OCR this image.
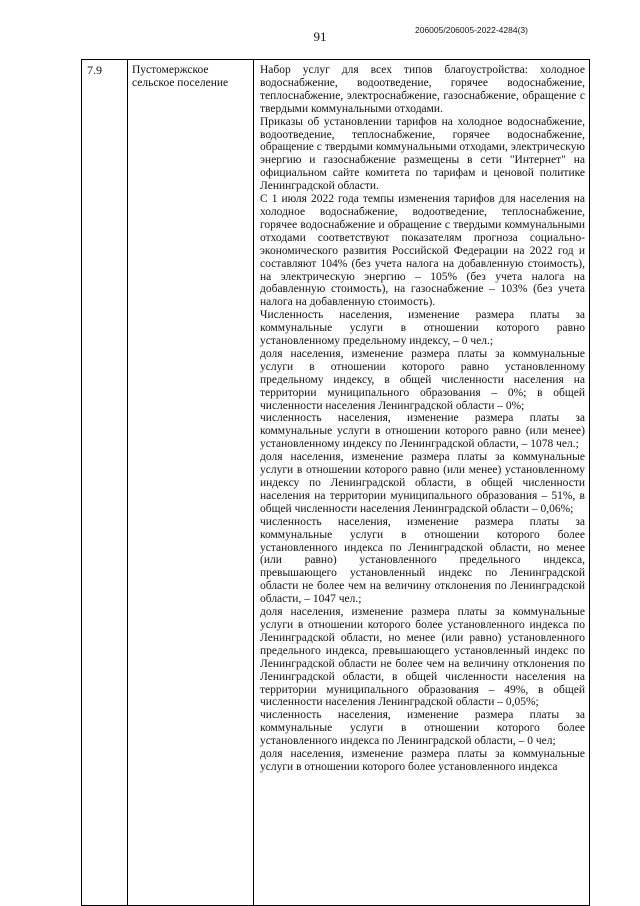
91	206005/206005-2022-4284(3)
7.9	Пустомержское сельское поселение	

Набор услуг для всех типов благоустройства: холодное водоснабжение, водоотведение, горячее водоснабжение, теплоснабжение, электроснабжение, газоснабжение, обращение с твердыми коммунальными отходами.

Приказы об установлении тарифов на холодное водоснабжение, водоотведение, теплоснабжение, горячее водоснабжение, обращение с твердыми коммунальными отходами, электрическую энергию и газоснабжение размещены в сети "Интернет" на официальном сайте комитета по тарифам и ценовой политике Ленинградской области.

С 1 июля 2022 года темпы изменения тарифов для населения на холодное водоснабжение, водоотведение, теплоснабжение, горячее водоснабжение и обращение с твердыми коммунальными отходами соответствуют показателям прогноза социально-экономического развития Российской Федерации на 2022 год и составляют 104% (без учета налога на добавленную стоимость), на электрическую энергию – 105% (без учета налога на добавленную стоимость), на газоснабжение – 103% (без учета налога на добавленную стоимость).

Численность населения, изменение размера платы за коммунальные услуги в отношении которого равно установленному предельному индексу, – 0 чел.;

доля населения, изменение размера платы за коммунальные услуги в отношении которого равно установленному предельному индексу, в общей численности населения на территории муниципального образования – 0%; в общей численности населения Ленинградской области – 0%;

численность населения, изменение размера платы за коммунальные услуги в отношении которого равно (или менее) установленному индексу по Ленинградской области, – 1078 чел.;

доля населения, изменение размера платы за коммунальные услуги в отношении которого равно (или менее) установленному индексу по Ленинградской области, в общей численности населения на территории муниципального образования – 51%, в общей численности населения Ленинградской области – 0,06%;

численность населения, изменение размера платы за коммунальные услуги в отношении которого более установленного индекса по Ленинградской области, но менее (или равно) установленного предельного индекса, превышающего установленный индекс по Ленинградской области не более чем на величину отклонения по Ленинградской области, – 1047 чел.;

доля населения, изменение размера платы за коммунальные услуги в отношении которого более установленного индекса по Ленинградской области, но менее (или равно) установленного предельного индекса, превышающего установленный индекс по Ленинградской области не более чем на величину отклонения по Ленинградской области, в общей численности населения на территории муниципального образования – 49%, в общей численности населения Ленинградской области – 0,05%;

численность населения, изменение размера платы за коммунальные услуги в отношении которого более установленного индекса по Ленинградской области, – 0 чел;

доля населения, изменение размера платы за коммунальные услуги в отношении которого более установленного индекса
